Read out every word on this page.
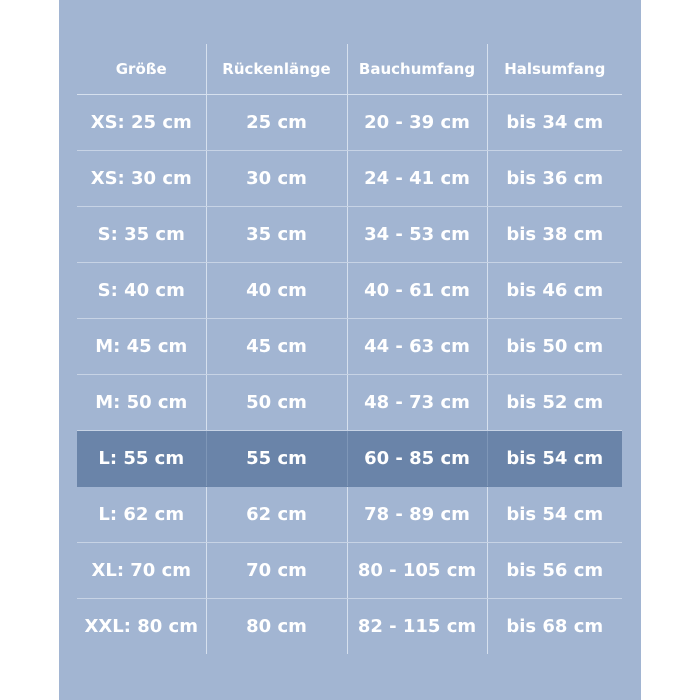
Größe	Rückenlänge	Bauchumfang	Halsumfang
XS: 25 cm	25 cm	20 - 39 cm	bis 34 cm
XS: 30 cm	30 cm	24 - 41 cm	bis 36 cm
S: 35 cm	35 cm	34 - 53 cm	bis 38 cm
S: 40 cm	40 cm	40 - 61 cm	bis 46 cm
M: 45 cm	45 cm	44 - 63 cm	bis 50 cm
M: 50 cm	50 cm	48 - 73 cm	bis 52 cm
L: 55 cm	55 cm	60 - 85 cm	bis 54 cm
L: 62 cm	62 cm	78 - 89 cm	bis 54 cm
XL: 70 cm	70 cm	80 - 105 cm	bis 56 cm
XXL: 80 cm	80 cm	82 - 115 cm	bis 68 cm
